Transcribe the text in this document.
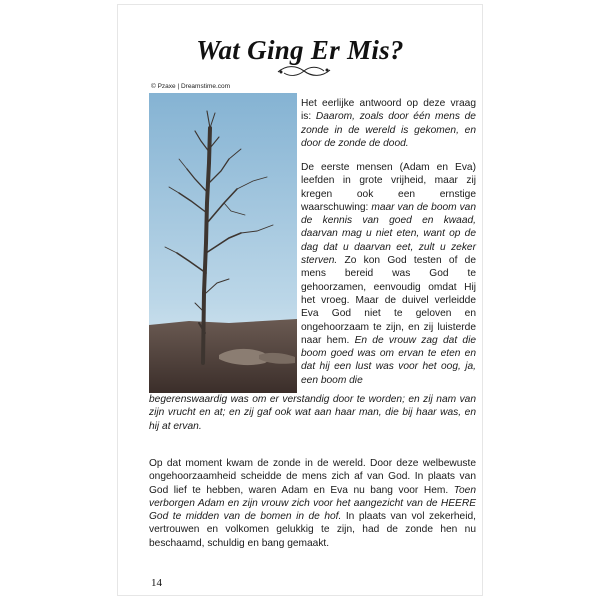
Wat Ging Er Mis?
© Pzaxe | Dreamstime.com
Het eerlijke antwoord op deze vraag is: Daarom, zoals door één mens de zonde in de wereld is gekomen, en door de zonde de dood.
De eerste mensen (Adam en Eva) leefden in grote vrijheid, maar zij kregen ook een ernstige waarschuwing: maar van de boom van de kennis van goed en kwaad, daarvan mag u niet eten, want op de dag dat u daarvan eet, zult u zeker sterven. Zo kon God testen of de mens bereid was God te gehoorzamen, eenvoudig omdat Hij het vroeg. Maar de duivel verleidde Eva God niet te geloven en ongehoorzaam te zijn, en zij luisterde naar hem. En de vrouw zag dat die boom goed was om ervan te eten en dat hij een lust was voor het oog, ja, een boom die
begerenswaardig was om er verstandig door te worden; en zij nam van zijn vrucht en at; en zij gaf ook wat aan haar man, die bij haar was, en hij at ervan.
Op dat moment kwam de zonde in de wereld. Door deze welbewuste ongehoorzaamheid scheidde de mens zich af van God. In plaats van God lief te hebben, waren Adam en Eva nu bang voor Hem. Toen verborgen Adam en zijn vrouw zich voor het aangezicht van de HEERE God te midden van de bomen in de hof. In plaats van vol zekerheid, vertrouwen en volkomen gelukkig te zijn, had de zonde hen nu beschaamd, schuldig en bang gemaakt.
14
